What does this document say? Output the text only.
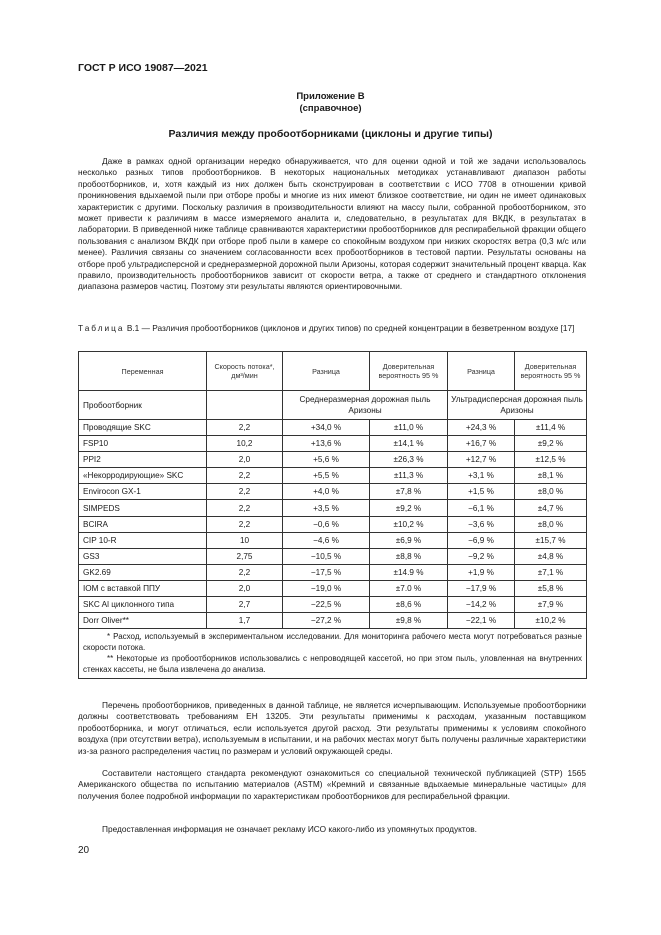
ГОСТ Р ИСО 19087—2021
Приложение В
(справочное)
Различия между пробоотборниками (циклоны и другие типы)
Даже в рамках одной организации нередко обнаруживается, что для оценки одной и той же задачи использовалось несколько разных типов пробоотборников. В некоторых национальных методиках устанавливают диапазон работы пробоотборников, и, хотя каждый из них должен быть сконструирован в соответствии с ИСО 7708 в отношении кривой проникновения вдыхаемой пыли при отборе пробы и многие из них имеют близкое соответствие, ни один не имеет одинаковых характеристик с другими. Поскольку различия в производительности влияют на массу пыли, собранной пробоотборником, это может привести к различиям в массе измеряемого аналита и, следовательно, в результатах для ВКДК, в результатах в лаборатории. В приведенной ниже таблице сравниваются характеристики пробоотборников для респирабельной фракции общего пользования с анализом ВКДК при отборе проб пыли в камере со спокойным воздухом при низких скоростях ветра (0,3 м/с или менее). Различия связаны со значением согласованности всех пробоотборников в тестовой партии. Результаты основаны на отборе проб ультрадисперсной и среднеразмерной дорожной пыли Аризоны, которая содержит значительный процент кварца. Как правило, производительность пробоотборников зависит от скорости ветра, а также от среднего и стандартного отклонения диапазона размеров частиц. Поэтому эти результаты являются ориентировочными.
Таблица В.1 — Различия пробоотборников (циклонов и других типов) по средней концентрации в безветренном воздухе [17]
Переменная	Скорость потока*, дм³/мин	Разница	Доверительная вероятность 95 %	Разница	Доверительная вероятность 95 %
Пробоотборник		Среднеразмерная дорожная пыль Аризоны		Ультрадисперсная дорожная пыль Аризоны	
Проводящие SKC	2,2	+34,0 %	±11,0 %	+24,3 %	±11,4 %
FSP10	10,2	+13,6 %	±14,1 %	+16,7 %	±9,2 %
PPI2	2,0	+5,6 %	±26,3 %	+12,7 %	±12,5 %
«Некорродирующие» SKC	2,2	+5,5 %	±11,3 %	+3,1 %	±8,1 %
Envirocon GX-1	2,2	+4,0 %	±7,8 %	+1,5 %	±8,0 %
SIMPEDS	2,2	+3,5 %	±9,2 %	−6,1 %	±4,7 %
BCIRA	2,2	−0,6 %	±10,2 %	−3,6 %	±8,0 %
CIP 10-R	10	−4,6 %	±6,9 %	−6,9 %	±15,7 %
GS3	2,75	−10,5 %	±8,8 %	−9,2 %	±4,8 %
GK2.69	2,2	−17,5 %	±14.9 %	+1,9 %	±7,1 %
IOM с вставкой ППУ	2,0	−19,0 %	±7.0 %	−17,9 %	±5,8 %
SKC Al циклонного типа	2,7	−22,5 %	±8,6 %	−14,2 %	±7,9 %
Dorr Oliver**	1,7	−27,2 %	±9,8 %	−22,1 %	±10,2 %

* Расход, используемый в экспериментальном исследовании. Для мониторинга рабочего места могут потребоваться разные скорости потока.
** Некоторые из пробоотборников использовались с непроводящей кассетой, но при этом пыль, уловленная на внутренних стенках кассеты, не была извлечена до анализа.					
Перечень пробоотборников, приведенных в данной таблице, не является исчерпывающим. Используемые пробоотборники должны соответствовать требованиям ЕН 13205. Эти результаты применимы к расходам, указанным поставщиком пробоотборника, и могут отличаться, если используется другой расход. Эти результаты применимы к условиям спокойного воздуха (при отсутствии ветра), используемым в испытании, и на рабочих местах могут быть получены различные характеристики из-за разного распределения частиц по размерам и условий окружающей среды.
Составители настоящего стандарта рекомендуют ознакомиться со специальной технической публикацией (STP) 1565 Американского общества по испытанию материалов (ASTM) «Кремний и связанные вдыхаемые минеральные частицы» для получения более подробной информации по характеристикам пробоотборников для респирабельной фракции.
Предоставленная информация не означает рекламу ИСО какого-либо из упомянутых продуктов.
20
